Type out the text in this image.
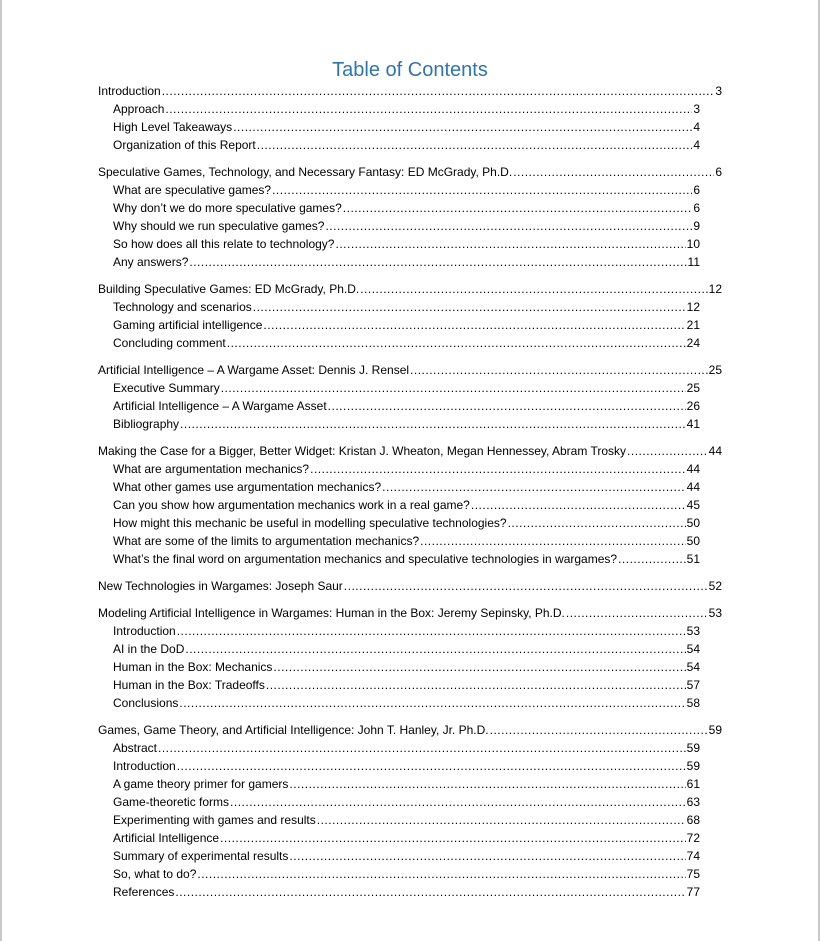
Table of Contents
Introduction .....	3
Approach .....	3
High Level Takeaways .....	4
Organization of this Report .....	4
Speculative Games, Technology, and Necessary Fantasy: ED McGrady, Ph.D. .....	6
What are speculative games? .....	6
Why don’t we do more speculative games? .....	6
Why should we run speculative games? .....	9
So how does all this relate to technology? .....	10
Any answers? .....	11
Building Speculative Games: ED McGrady, Ph.D. .....	12
Technology and scenarios .....	12
Gaming artificial intelligence .....	21
Concluding comment .....	24
Artificial Intelligence – A Wargame Asset: Dennis J. Rensel .....	25
Executive Summary .....	25
Artificial Intelligence – A Wargame Asset .....	26
Bibliography .....	41
Making the Case for a Bigger, Better Widget: Kristan J. Wheaton, Megan Hennessey, Abram Trosky .....	44
What are argumentation mechanics? .....	44
What other games use argumentation mechanics? .....	44
Can you show how argumentation mechanics work in a real game? .....	45
How might this mechanic be useful in modelling speculative technologies? .....	50
What are some of the limits to argumentation mechanics? .....	50
What’s the final word on argumentation mechanics and speculative technologies in wargames? .....	51
New Technologies in Wargames: Joseph Saur .....	52
Modeling Artificial Intelligence in Wargames: Human in the Box: Jeremy Sepinsky, Ph.D. .....	53
Introduction .....	53
AI in the DoD .....	54
Human in the Box: Mechanics .....	54
Human in the Box: Tradeoffs .....	57
Conclusions .....	58
Games, Game Theory, and Artificial Intelligence: John T. Hanley, Jr. Ph.D. .....	59
Abstract .....	59
Introduction .....	59
A game theory primer for gamers .....	61
Game-theoretic forms .....	63
Experimenting with games and results .....	68
Artificial Intelligence .....	72
Summary of experimental results .....	74
So, what to do? .....	75
References .....	77
